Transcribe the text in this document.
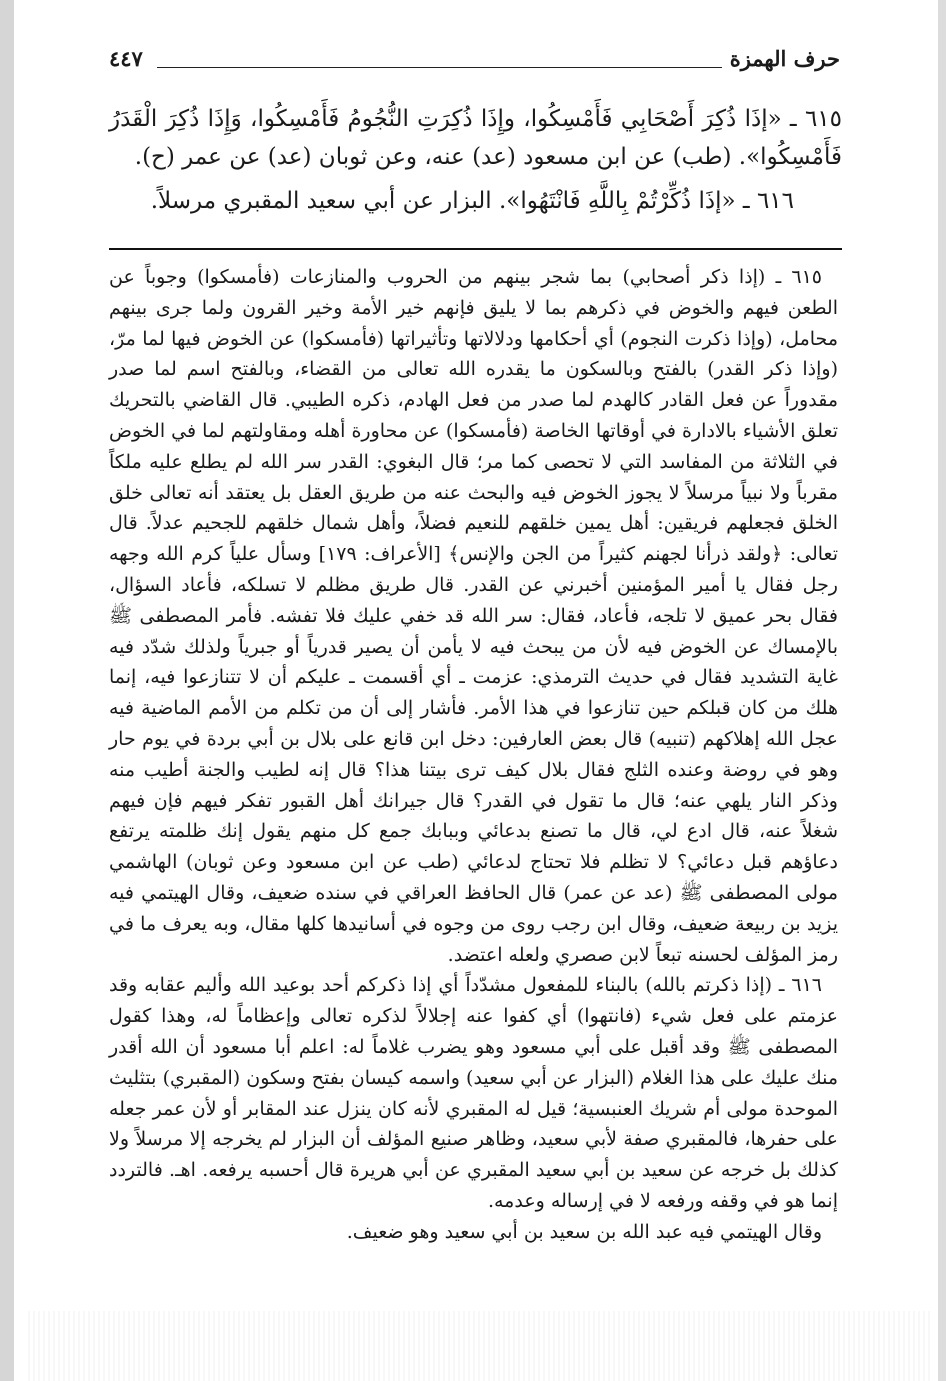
حرف الهمزة
٤٤٧

٦١٥ ـ «إذَا ذُكِرَ أَصْحَابِي فَأَمْسِكُوا، وإِذَا ذُكِرَتِ النُّجُومُ فَأَمْسِكُوا، وَإِذَا ذُكِرَ الْقَدَرُ فَأَمْسِكُوا». (طب) عن ابن مسعود (عد) عنه، وعن ثوبان (عد) عن عمر (ح).

٦١٦ ـ «إذَا ذُكِّرْتُمْ بِاللَّهِ فَانْتَهُوا». البزار عن أبي سعيد المقبري مرسلاً.

٦١٥ ـ (إذا ذكر أصحابي) بما شجر بينهم من الحروب والمنازعات (فأمسكوا) وجوباً عن الطعن فيهم والخوض في ذكرهم بما لا يليق فإنهم خير الأمة وخير القرون ولما جرى بينهم محامل، (وإذا ذكرت النجوم) أي أحكامها ودلالاتها وتأثيراتها (فأمسكوا) عن الخوض فيها لما مرّ، (وإذا ذكر القدر) بالفتح وبالسكون ما يقدره الله تعالى من القضاء، وبالفتح اسم لما صدر مقدوراً عن فعل القادر كالهدم لما صدر من فعل الهادم، ذكره الطيبي. قال القاضي بالتحريك تعلق الأشياء بالادارة في أوقاتها الخاصة (فأمسكوا) عن محاورة أهله ومقاولتهم لما في الخوض في الثلاثة من المفاسد التي لا تحصى كما مر؛ قال البغوي: القدر سر الله لم يطلع عليه ملكاً مقرباً ولا نبياً مرسلاً لا يجوز الخوض فيه والبحث عنه من طريق العقل بل يعتقد أنه تعالى خلق الخلق فجعلهم فريقين: أهل يمين خلقهم للنعيم فضلاً، وأهل شمال خلقهم للجحيم عدلاً. قال تعالى: ﴿ولقد ذرأنا لجهنم كثيراً من الجن والإنس﴾ [الأعراف: ١٧٩] وسأل علياً كرم الله وجهه رجل فقال يا أمير المؤمنين أخبرني عن القدر. قال طريق مظلم لا تسلكه، فأعاد السؤال، فقال بحر عميق لا تلجه، فأعاد، فقال: سر الله قد خفي عليك فلا تفشه. فأمر المصطفى ﷺ بالإمساك عن الخوض فيه لأن من يبحث فيه لا يأمن أن يصير قدرياً أو جبرياً ولذلك شدّد فيه غاية التشديد فقال في حديث الترمذي: عزمت ـ أي أقسمت ـ عليكم أن لا تتنازعوا فيه، إنما هلك من كان قبلكم حين تنازعوا في هذا الأمر. فأشار إلى أن من تكلم من الأمم الماضية فيه عجل الله إهلاكهم (تنبيه) قال بعض العارفين: دخل ابن قانع على بلال بن أبي بردة في يوم حار وهو في روضة وعنده الثلج فقال بلال كيف ترى بيتنا هذا؟ قال إنه لطيب والجنة أطيب منه وذكر النار يلهي عنه؛ قال ما تقول في القدر؟ قال جيرانك أهل القبور تفكر فيهم فإن فيهم شغلاً عنه، قال ادع لي، قال ما تصنع بدعائي وببابك جمع كل منهم يقول إنك ظلمته يرتفع دعاؤهم قبل دعائي؟ لا تظلم فلا تحتاج لدعائي (طب عن ابن مسعود وعن ثوبان) الهاشمي مولى المصطفى ﷺ (عد عن عمر) قال الحافظ العراقي في سنده ضعيف، وقال الهيتمي فيه يزيد بن ربيعة ضعيف، وقال ابن رجب روى من وجوه في أسانيدها كلها مقال، وبه يعرف ما في رمز المؤلف لحسنه تبعاً لابن صصري ولعله اعتضد.

٦١٦ ـ (إذا ذكرتم بالله) بالبناء للمفعول مشدّداً أي إذا ذكركم أحد بوعيد الله وأليم عقابه وقد عزمتم على فعل شيء (فانتهوا) أي كفوا عنه إجلالاً لذكره تعالى وإعظاماً له، وهذا كقول المصطفى ﷺ وقد أقبل على أبي مسعود وهو يضرب غلاماً له: اعلم أبا مسعود أن الله أقدر منك عليك على هذا الغلام (البزار عن أبي سعيد) واسمه كيسان بفتح وسكون (المقبري) بتثليث الموحدة مولى أم شريك العنبسية؛ قيل له المقبري لأنه كان ينزل عند المقابر أو لأن عمر جعله على حفرها، فالمقبري صفة لأبي سعيد، وظاهر صنيع المؤلف أن البزار لم يخرجه إلا مرسلاً ولا كذلك بل خرجه عن سعيد بن أبي سعيد المقبري عن أبي هريرة قال أحسبه يرفعه. اهـ. فالتردد إنما هو في وقفه ورفعه لا في إرساله وعدمه.

وقال الهيتمي فيه عبد الله بن سعيد بن أبي سعيد وهو ضعيف.
